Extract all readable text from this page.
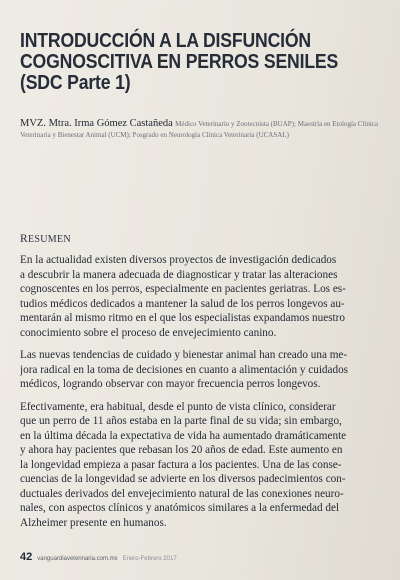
INTRODUCCIÓN A LA DISFUNCIÓN
COGNOSCITIVA EN PERROS SENILES
(SDC Parte 1)
MVZ. Mtra. Irma Gómez Castañeda Médico Veterinario y Zootecnista (BUAP); Maestría en Etología Clínica Veterinaria y Bienestar Animal (UCM); Posgrado en Neurología Clínica Veterinaria (UCASAL)
RESUMEN

En la actualidad existen diversos proyectos de investigación dedicados
a descubrir la manera adecuada de diagnosticar y tratar las alteraciones
cognoscentes en los perros, especialmente en pacientes geriatras. Los es-
tudios médicos dedicados a mantener la salud de los perros longevos au-
mentarán al mismo ritmo en el que los especialistas expandamos nuestro
conocimiento sobre el proceso de envejecimiento canino.

Las nuevas tendencias de cuidado y bienestar animal han creado una me-
jora radical en la toma de decisiones en cuanto a alimentación y cuidados
médicos, logrando observar con mayor frecuencia perros longevos.

Efectivamente, era habitual, desde el punto de vista clínico, considerar
que un perro de 11 años estaba en la parte final de su vida; sin embargo,
en la última década la expectativa de vida ha aumentado dramáticamente
y ahora hay pacientes que rebasan los 20 años de edad. Este aumento en
la longevidad empieza a pasar factura a los pacientes. Una de las conse-
cuencias de la longevidad se advierte en los diversos padecimientos con-
ductuales derivados del envejecimiento natural de las conexiones neuro-
nales, con aspectos clínicos y anatómicos similares a la enfermedad del
Alzheimer presente en humanos.

42 vanguardiaveterinaria.com.mx Enero-Febrero 2017
